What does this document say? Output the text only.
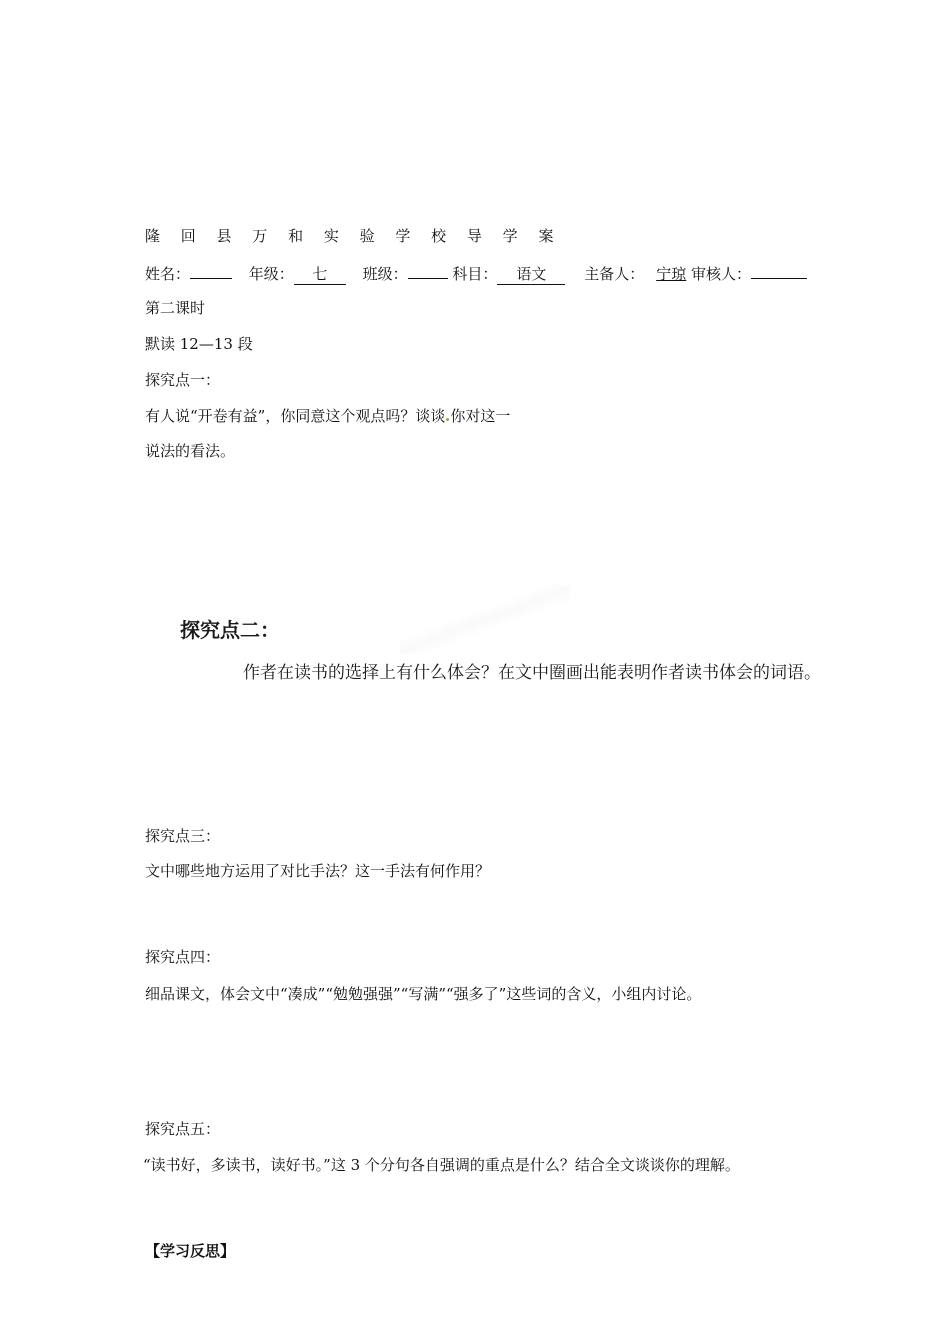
隆 回 县 万 和 实 验 学 校 导 学 案
姓名：	年级： 七 班级：	科目： 语文	主备人： 宁琼 审核人：
第二课时
默读 12—13 段
探究点一：
有人说“开卷有益”，你同意这个观点吗？谈谈 你对这一
说法的看法。
探究点二：
作者在读书的选择上有什么体会？在文中圈画出能表明作者读书体会的词语。
探究点三：
文中哪些地方运用了对比手法？这一手法有何作用？
探究点四：
细品课文，体会文中“凑成”“勉勉强强”“写满”“强多了”这些词的含义，小组内讨论。
探究点五：
“读书好，多读书，读好书。”这 3 个分句各自强调的重点是什么？结合全文谈谈你的理解。
【学习反思】
